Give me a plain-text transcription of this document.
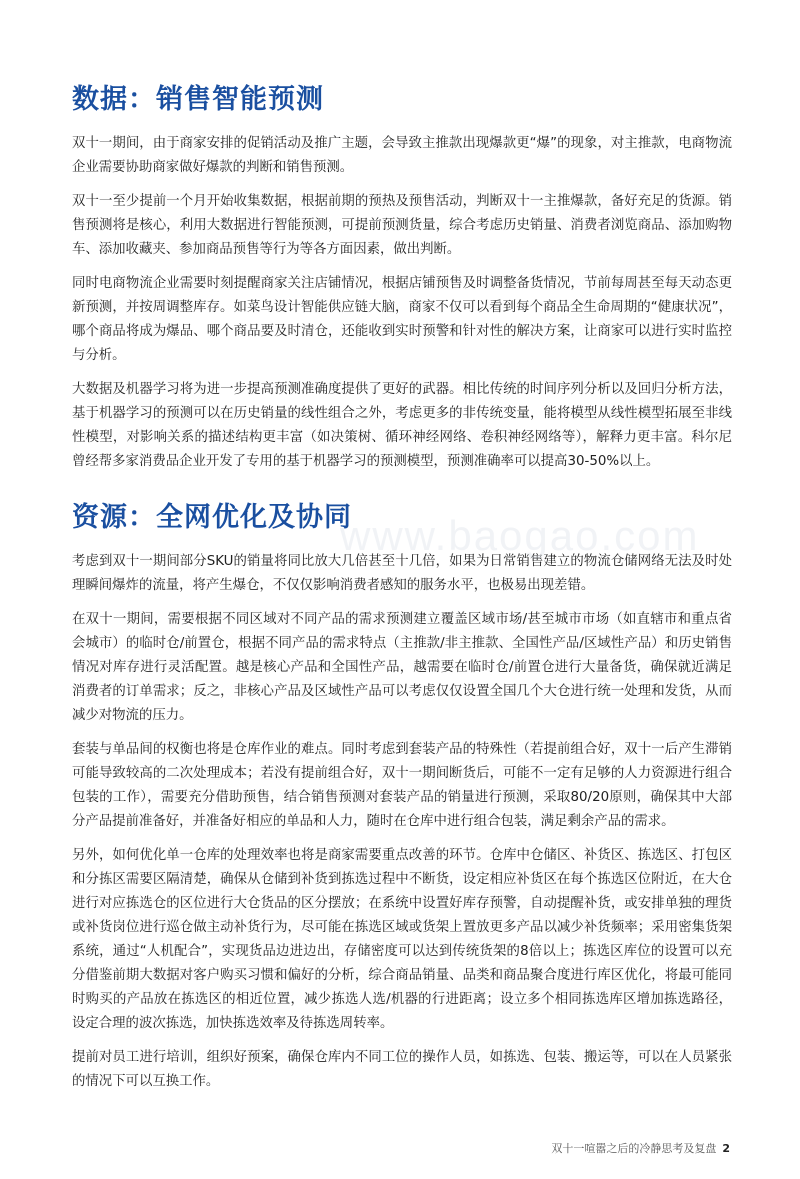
数据：销售智能预测

双十一期间，由于商家安排的促销活动及推广主题，会导致主推款出现爆款更“爆”的现象，对主推款，电商物流企业需要协助商家做好爆款的判断和销售预测。

双十一至少提前一个月开始收集数据，根据前期的预热及预售活动，判断双十一主推爆款，备好充足的货源。销售预测将是核心，利用大数据进行智能预测，可提前预测货量，综合考虑历史销量、消费者浏览商品、添加购物车、添加收藏夹、参加商品预售等行为等各方面因素，做出判断。

同时电商物流企业需要时刻提醒商家关注店铺情况，根据店铺预售及时调整备货情况，节前每周甚至每天动态更新预测，并按周调整库存。如菜鸟设计智能供应链大脑，商家不仅可以看到每个商品全生命周期的“健康状况”，哪个商品将成为爆品、哪个商品要及时清仓，还能收到实时预警和针对性的解决方案，让商家可以进行实时监控与分析。

大数据及机器学习将为进一步提高预测准确度提供了更好的武器。相比传统的时间序列分析以及回归分析方法，基于机器学习的预测可以在历史销量的线性组合之外，考虑更多的非传统变量，能将模型从线性模型拓展至非线性模型，对影响关系的描述结构更丰富（如决策树、循环神经网络、卷积神经网络等），解释力更丰富。科尔尼曾经帮多家消费品企业开发了专用的基于机器学习的预测模型，预测准确率可以提高30-50%以上。

资源：全网优化及协同

考虑到双十一期间部分SKU的销量将同比放大几倍甚至十几倍，如果为日常销售建立的物流仓储网络无法及时处理瞬间爆炸的流量，将产生爆仓，不仅仅影响消费者感知的服务水平，也极易出现差错。

在双十一期间，需要根据不同区域对不同产品的需求预测建立覆盖区域市场/甚至城市市场（如直辖市和重点省会城市）的临时仓/前置仓，根据不同产品的需求特点（主推款/非主推款、全国性产品/区域性产品）和历史销售情况对库存进行灵活配置。越是核心产品和全国性产品，越需要在临时仓/前置仓进行大量备货，确保就近满足消费者的订单需求；反之，非核心产品及区域性产品可以考虑仅仅设置全国几个大仓进行统一处理和发货，从而减少对物流的压力。

套装与单品间的权衡也将是仓库作业的难点。同时考虑到套装产品的特殊性（若提前组合好，双十一后产生滞销可能导致较高的二次处理成本；若没有提前组合好，双十一期间断货后，可能不一定有足够的人力资源进行组合包装的工作），需要充分借助预售，结合销售预测对套装产品的销量进行预测，采取80/20原则，确保其中大部分产品提前准备好，并准备好相应的单品和人力，随时在仓库中进行组合包装，满足剩余产品的需求。

另外，如何优化单一仓库的处理效率也将是商家需要重点改善的环节。仓库中仓储区、补货区、拣选区、打包区和分拣区需要区隔清楚，确保从仓储到补货到拣选过程中不断货，设定相应补货区在每个拣选区位附近，在大仓进行对应拣选仓的区位进行大仓货品的区分摆放；在系统中设置好库存预警，自动提醒补货，或安排单独的理货或补货岗位进行巡仓做主动补货行为，尽可能在拣选区域或货架上置放更多产品以减少补货频率；采用密集货架系统，通过“人机配合”，实现货品边进边出，存储密度可以达到传统货架的8倍以上；拣选区库位的设置可以充分借鉴前期大数据对客户购买习惯和偏好的分析，综合商品销量、品类和商品聚合度进行库区优化，将最可能同时购买的产品放在拣选区的相近位置，减少拣选人选/机器的行进距离；设立多个相同拣选库区增加拣选路径，设定合理的波次拣选，加快拣选效率及待拣选周转率。

提前对员工进行培训，组织好预案，确保仓库内不同工位的操作人员，如拣选、包装、搬运等，可以在人员紧张的情况下可以互换工作。

www.baogao.com
双十一喧嚣之后的冷静思考及复盘 2
